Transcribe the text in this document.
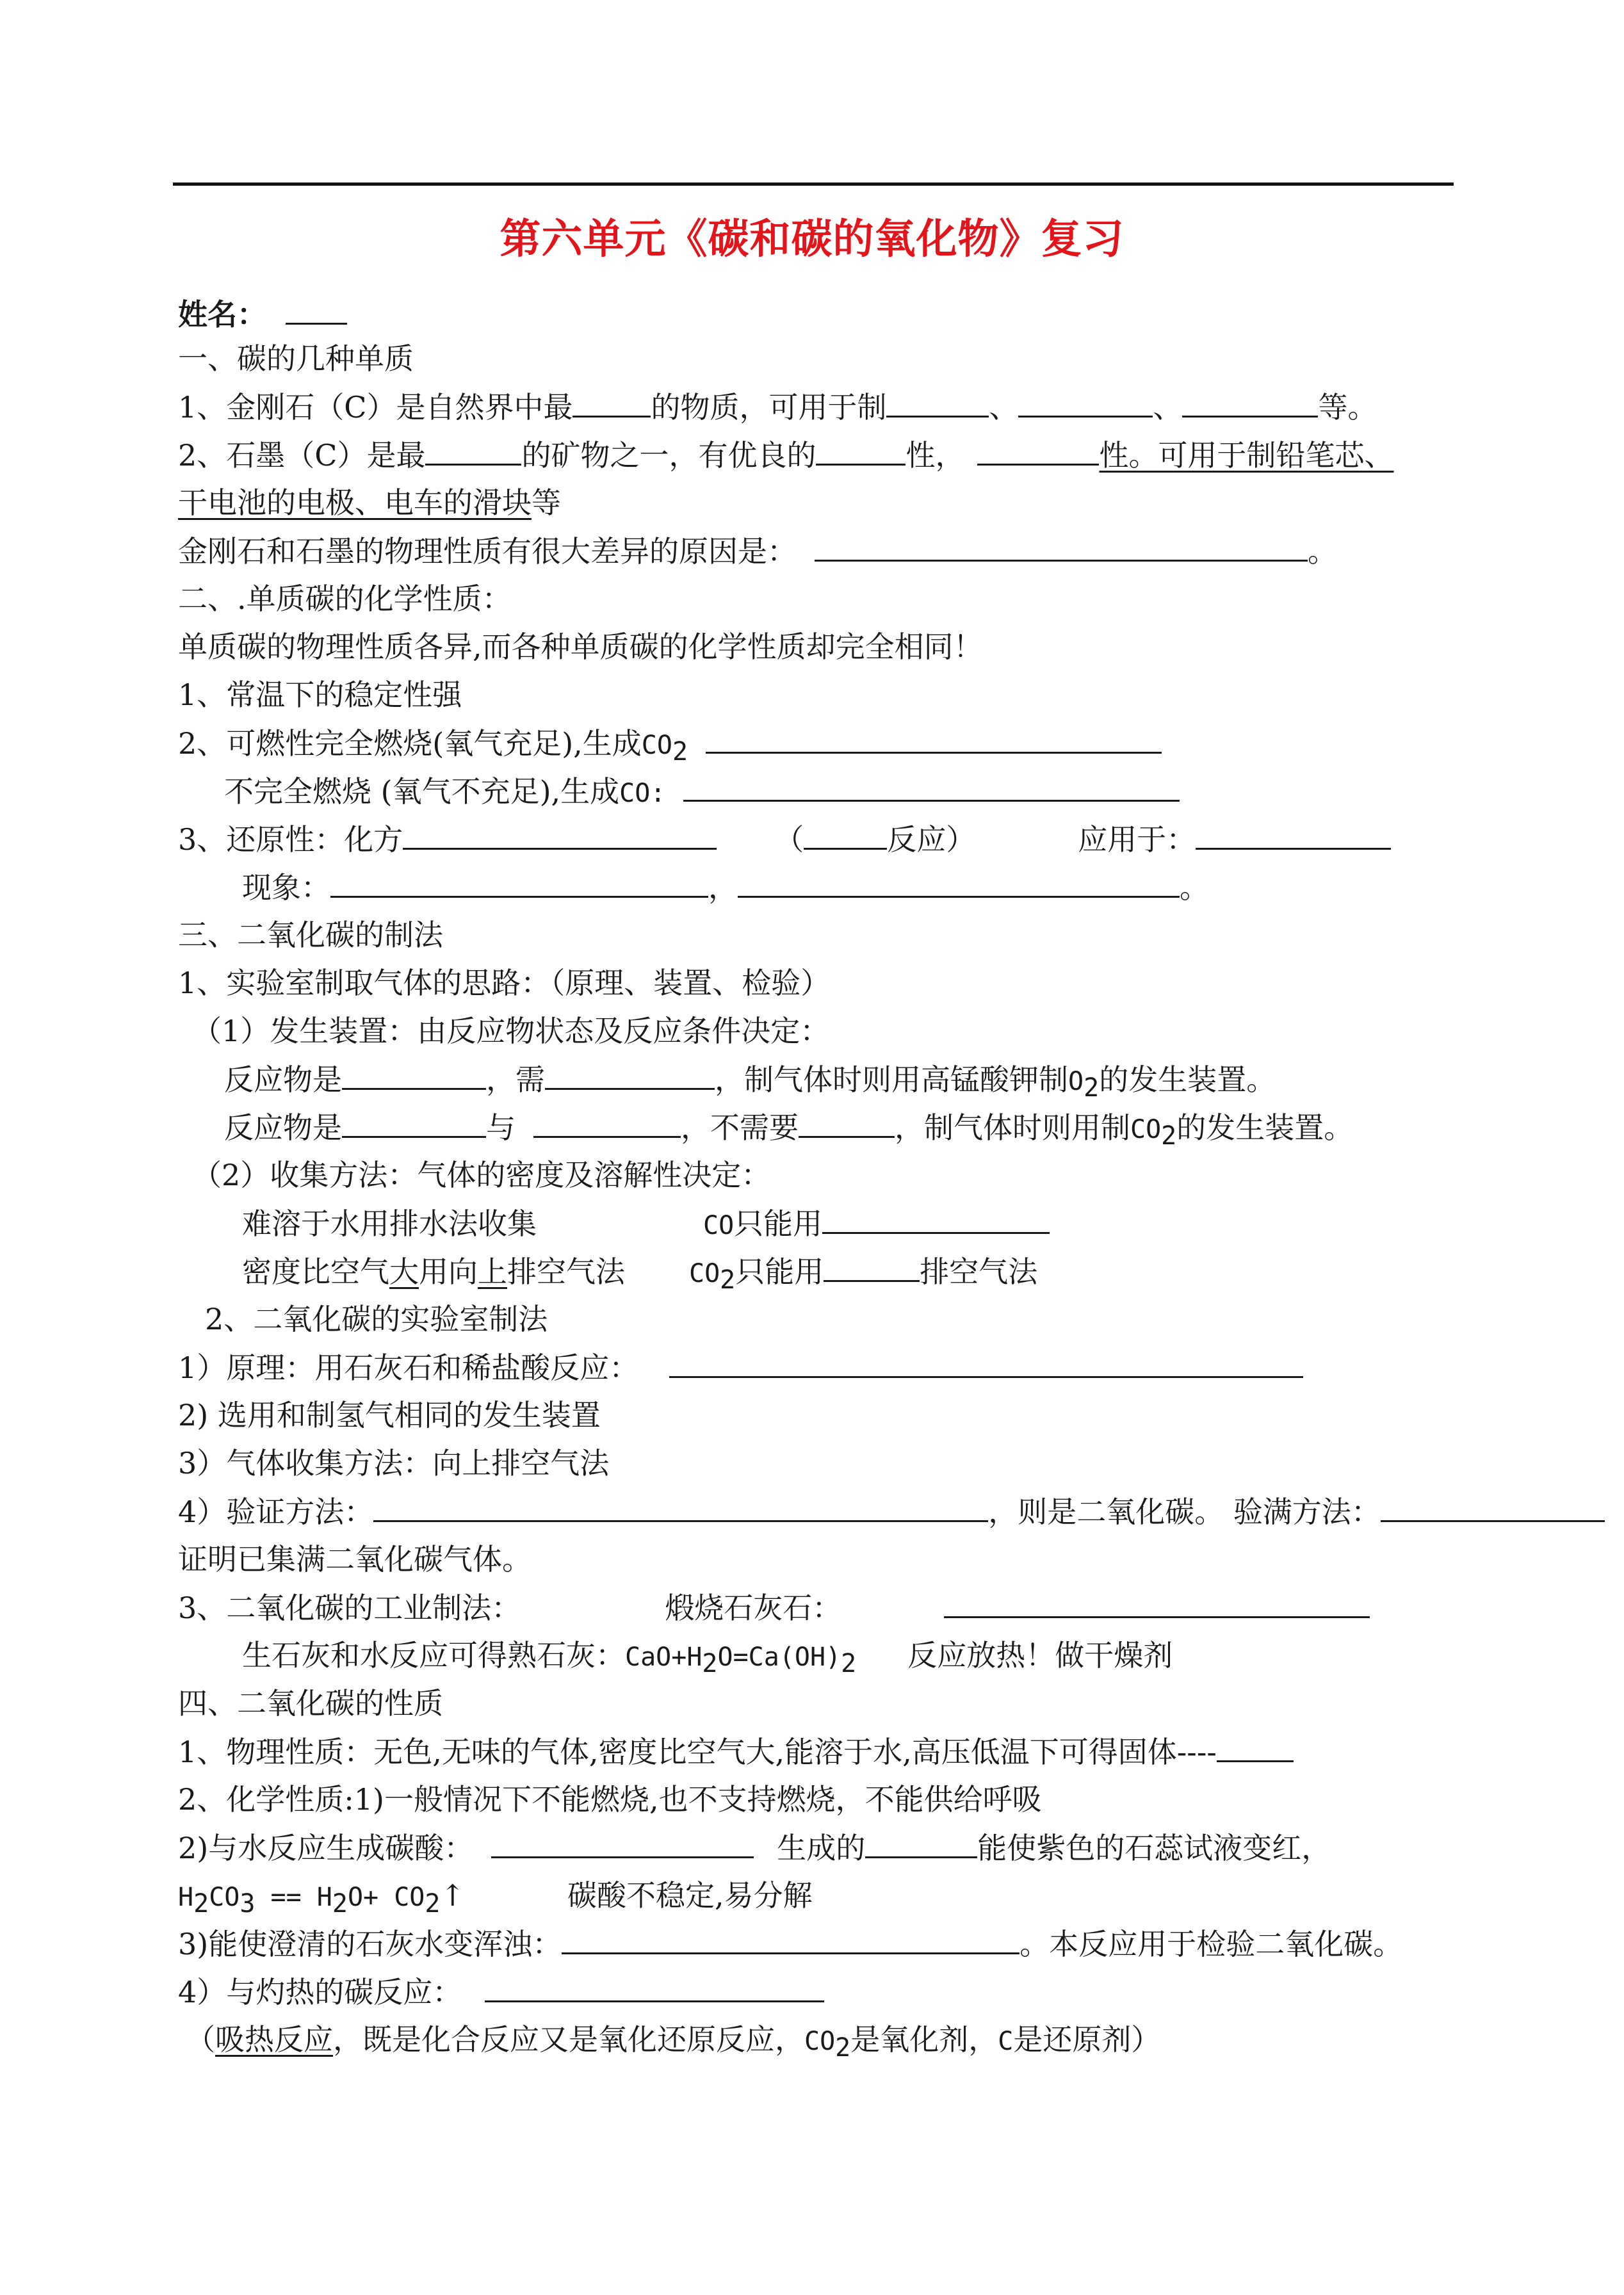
第六单元《碳和碳的氧化物》复习
姓名：
一、碳的几种单质
1、金刚石（C）是自然界中最	的物质，可用于制	、	、	等。
2、石墨（C）是最	的矿物之一，有优良的	性，	性。可用于制铅笔芯、
干电池的电极、电车的滑块等
金刚石和石墨的物理性质有很大差异的原因是：	。
二、.单质碳的化学性质：
单质碳的物理性质各异,而各种单质碳的化学性质却完全相同！
1、常温下的稳定性强
2、可燃性完全燃烧(氧气充足),生成CO2
不完全燃烧 (氧气不充足),生成CO:
3、还原性：化方	（	反应）	应用于：
现象：	，	。
三、二氧化碳的制法
1、实验室制取气体的思路：（原理、装置、检验）
（1）发生装置：由反应物状态及反应条件决定：
反应物是	，需	，制气体时则用高锰酸钾制O2的发生装置。
反应物是	与	，不需要	，制气体时则用制CO2的发生装置。
（2）收集方法：气体的密度及溶解性决定：
难溶于水用排水法收集	CO只能用
密度比空气大用向上排空气法	CO2只能用	排空气法
2、二氧化碳的实验室制法
1）原理：用石灰石和稀盐酸反应：
2) 选用和制氢气相同的发生装置
3）气体收集方法：向上排空气法
4）验证方法：	，则是二氧化碳。 验满方法：
证明已集满二氧化碳气体。
3、二氧化碳的工业制法：	煅烧石灰石：
生石灰和水反应可得熟石灰：CaO+H2O=Ca(OH)2 反应放热！做干燥剂
四、二氧化碳的性质
1、物理性质：无色,无味的气体,密度比空气大,能溶于水,高压低温下可得固体----
2、化学性质:1)一般情况下不能燃烧,也不支持燃烧，不能供给呼吸
2)与水反应生成碳酸：	生成的	能使紫色的石蕊试液变红，
H2CO3 == H2O+ CO2↑	碳酸不稳定,易分解
3)能使澄清的石灰水变浑浊：	。本反应用于检验二氧化碳。
4）与灼热的碳反应：
（吸热反应，既是化合反应又是氧化还原反应，CO2是氧化剂，C是还原剂）
